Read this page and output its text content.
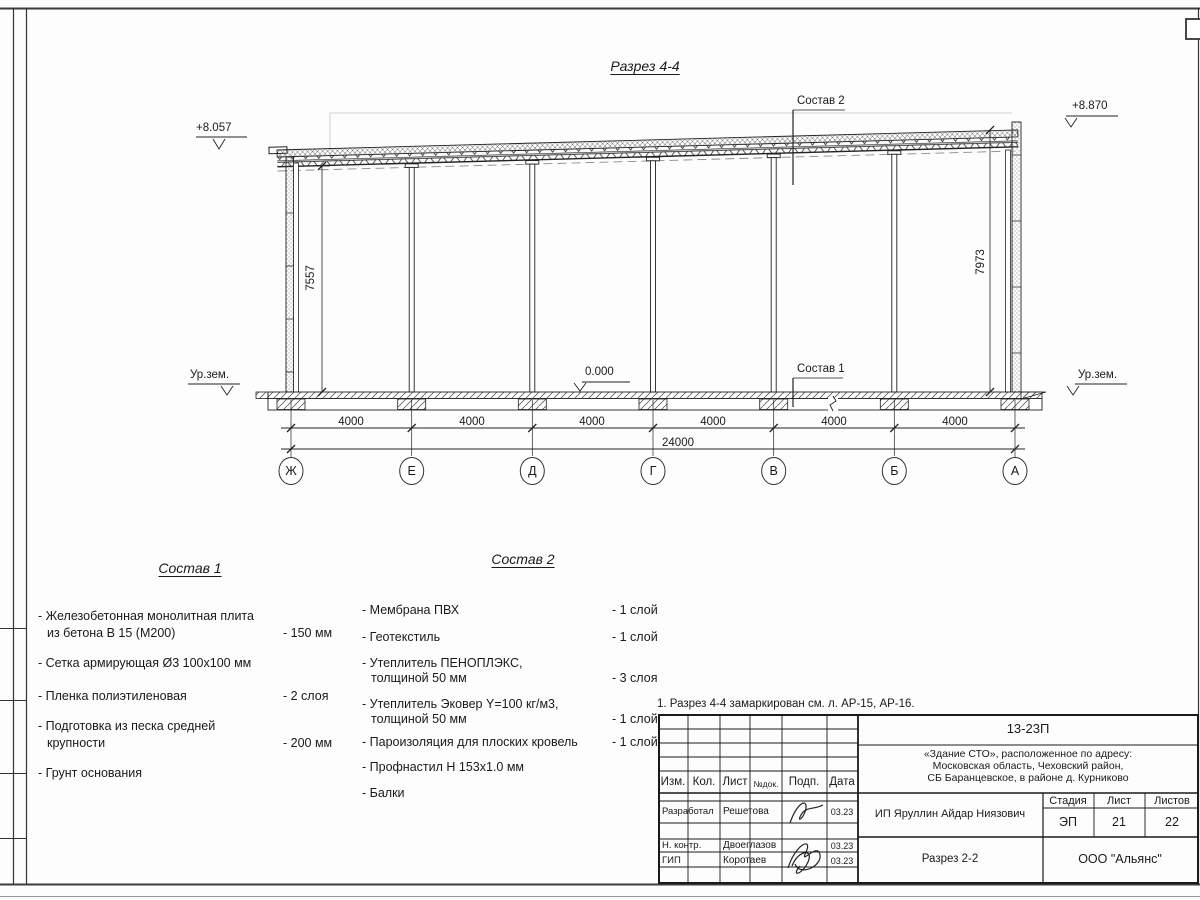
Разрез 4-4
+8.057
+8.870
0.000
Ур.зем.	Ур.зем.
7557
7973
Состав 2
Состав 1
4000	4000	4000	4000	4000	4000
24000
Ж	Е	Д	Г	В	Б	А
Состав 1
- Железобетонная монолитная плита
из бетона В 15 (М200)	- 150 мм
- Сетка армирующая Ø3 100х100 мм
- Пленка полиэтиленовая	- 2 слоя
- Подготовка из песка средней
крупности	- 200 мм
- Грунт основания
Состав 2
- Мембрана ПВХ	- 1 слой
- Геотекстиль	- 1 слой
- Утеплитель ПЕНОПЛЭКС,
толщиной 50 мм	- 3 слоя
- Утеплитель Эковер Y=100 кг/м3,
толщиной 50 мм	- 1 слой
- Пароизоляция для плоских кровель	- 1 слой
- Профнастил Н 153х1.0 мм
- Балки
1. Разрез 4-4 замаркирован см. л. АР-15, АР-16.
Изм. Кол. Лист №док. Подп. Дата
Разработал Решетова	03.23
Н. контр. Двоеглазов	03.23
ГИП	Коротаев	03.23
13-23П
«Здание СТО», расположенное по адресу:
Московская область, Чеховский район,
СБ Баранцевское, в районе д. Курниково
ИП Яруллин Айдар Ниязович
Стадия Лист Листов
ЭП	21	22
Разрез 2-2	ООО "Альянс"
